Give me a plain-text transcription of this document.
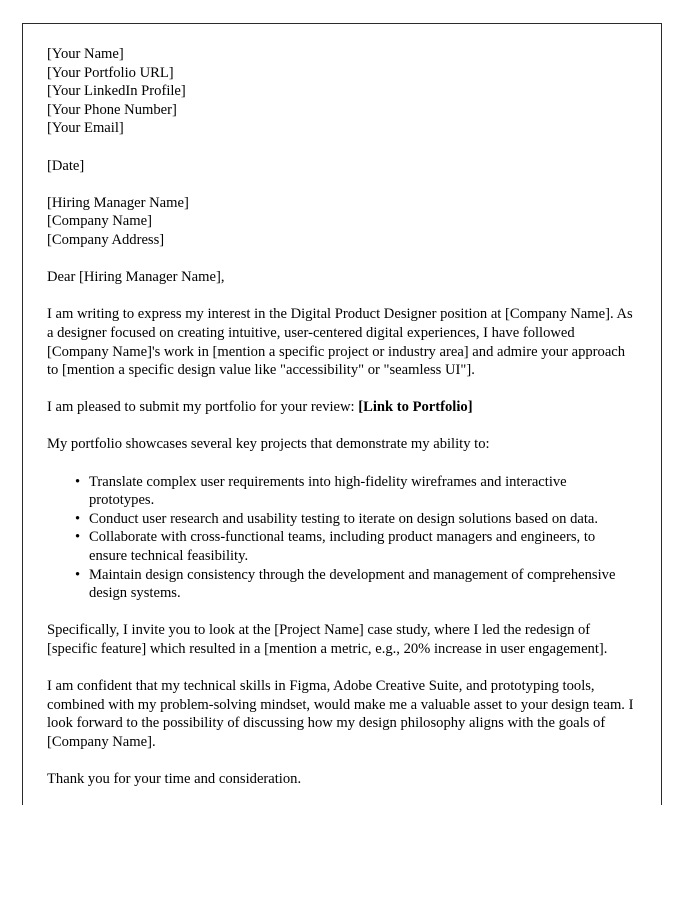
[Your Name]
[Your Portfolio URL]
[Your LinkedIn Profile]
[Your Phone Number]
[Your Email]
[Date]
[Hiring Manager Name]
[Company Name]
[Company Address]

Dear [Hiring Manager Name],

I am writing to express my interest in the Digital Product Designer position at [Company Name]. As a designer focused on creating intuitive, user-centered digital experiences, I have followed [Company Name]'s work in [mention a specific project or industry area] and admire your approach to [mention a specific design value like "accessibility" or "seamless UI"].

I am pleased to submit my portfolio for your review: [Link to Portfolio]

My portfolio showcases several key projects that demonstrate my ability to:

• Translate complex user requirements into high-fidelity wireframes and interactive prototypes.
• Conduct user research and usability testing to iterate on design solutions based on data.
• Collaborate with cross-functional teams, including product managers and engineers, to ensure technical feasibility.
• Maintain design consistency through the development and management of comprehensive design systems.

Specifically, I invite you to look at the [Project Name] case study, where I led the redesign of [specific feature] which resulted in a [mention a metric, e.g., 20% increase in user engagement].

I am confident that my technical skills in Figma, Adobe Creative Suite, and prototyping tools, combined with my problem-solving mindset, would make me a valuable asset to your design team. I look forward to the possibility of discussing how my design philosophy aligns with the goals of [Company Name].

Thank you for your time and consideration.
